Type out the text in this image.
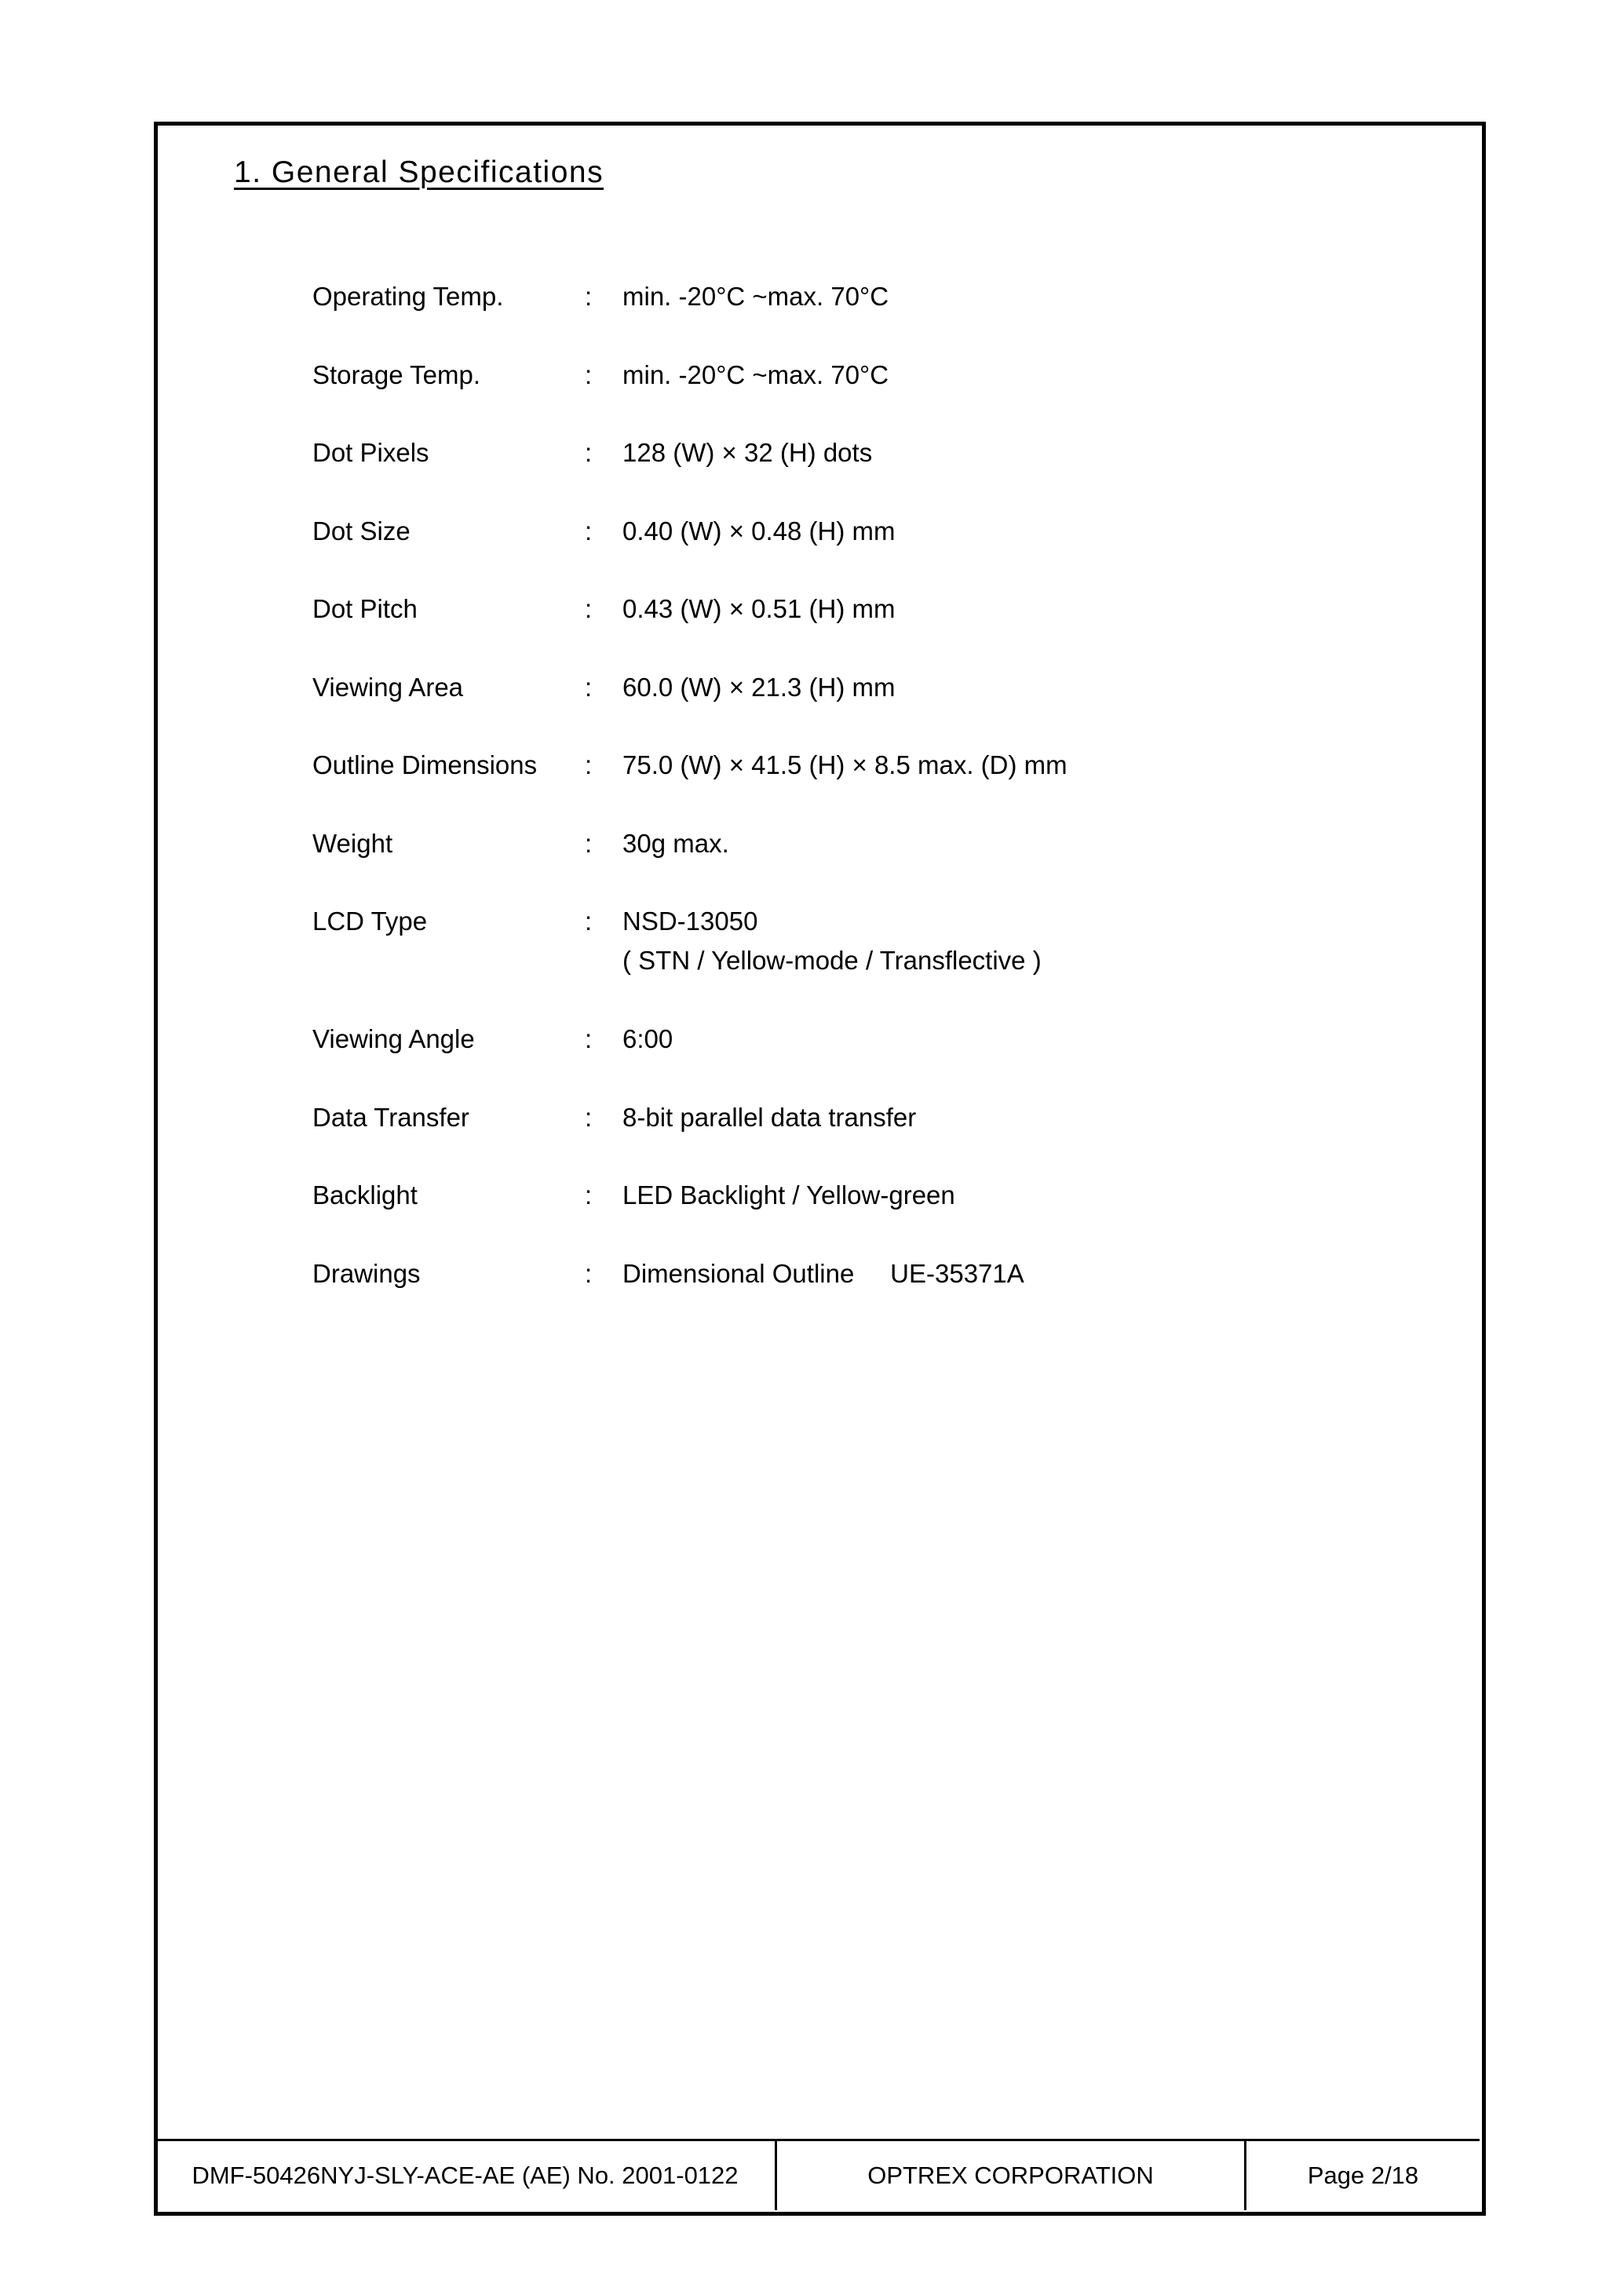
1. General Specifications
Operating Temp.	: min. -20°C ~max. 70°C
Storage Temp.	: min. -20°C ~max. 70°C
Dot Pixels	: 128 (W) × 32 (H) dots
Dot Size	: 0.40 (W) × 0.48 (H) mm
Dot Pitch	: 0.43 (W) × 0.51 (H) mm
Viewing Area	: 60.0 (W) × 21.3 (H) mm
Outline Dimensions : 75.0 (W) × 41.5 (H) × 8.5 max. (D) mm
Weight	: 30g max.
LCD Type	: NSD-13050
( STN / Yellow-mode / Transflective )
Viewing Angle	: 6:00
Data Transfer	: 8-bit parallel data transfer
Backlight	: LED Backlight / Yellow-green
Drawings	: Dimensional Outline     UE-35371A
DMF-50426NYJ-SLY-ACE-AE (AE) No. 2001-0122	OPTREX CORPORATION	Page 2/18
